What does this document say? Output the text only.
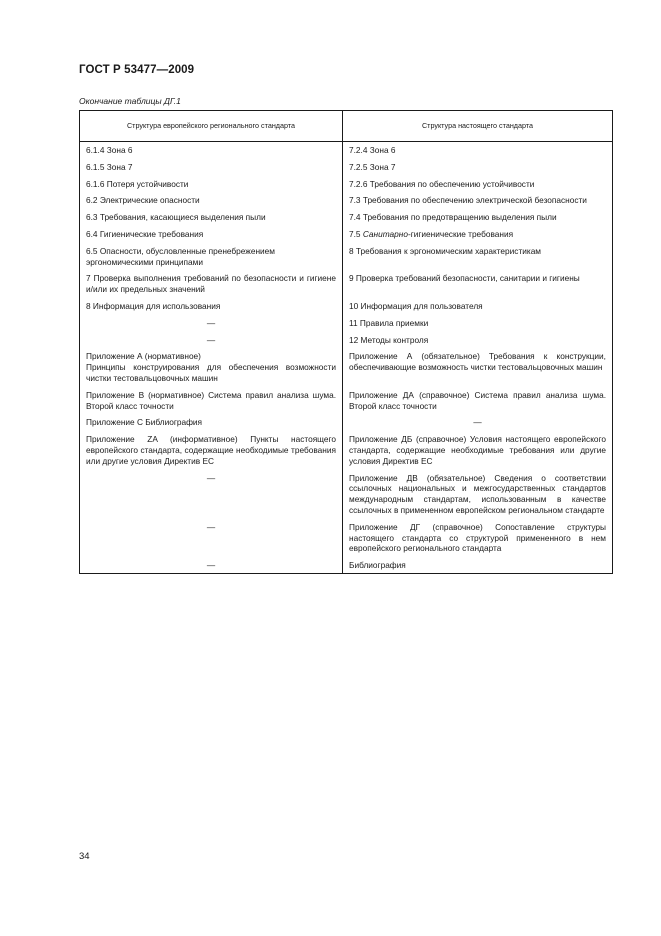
ГОСТ Р 53477—2009
Окончание таблицы ДГ.1
Структура европейского регионального стандарта	Структура настоящего стандарта
6.1.4 Зона 6	7.2.4 Зона 6
6.1.5 Зона 7	7.2.5 Зона 7
6.1.6 Потеря устойчивости	7.2.6 Требования по обеспечению устойчивости
6.2 Электрические опасности	7.3 Требования по обеспечению электрической безопасности
6.3 Требования, касающиеся выделения пыли	7.4 Требования по предотвращению выделения пыли
6.4 Гигиенические требования	7.5 Санитарно-гигиенические требования
6.5 Опасности, обусловленные пренебрежением эргономическими принципами	8 Требования к эргономическим характеристикам
7 Проверка выполнения требований по безопасности и гигиене и/или их предельных значений	9 Проверка требований безопасности, санитарии и гигиены
8 Информация для использования	10 Информация для пользователя
—	11 Правила приемки
—	12 Методы контроля

Приложение А (нормативное)
Принципы конструирования для обеспечения возможности чистки тестовальцовочных машин	Приложение А (обязательное) Требования к конструкции, обеспечивающие возможность чистки тестовальцовочных машин
Приложение В (нормативное) Система правил анализа шума. Второй класс точности	Приложение ДА (справочное) Система правил анализа шума. Второй класс точности
Приложение С Библиография	—
Приложение ZA (информативное) Пункты настоящего европейского стандарта, содержащие необходимые требования или другие условия Директив ЕС	Приложение ДБ (справочное) Условия настоящего европейского стандарта, содержащие необходимые требования или другие условия Директив ЕС
—	Приложение ДВ (обязательное) Сведения о соответствии ссылочных национальных и межгосударственных стандартов международным стандартам, использованным в качестве ссылочных в примененном европейском региональном стандарте
—	Приложение ДГ (справочное) Сопоставление структуры настоящего стандарта со структурой примененного в нем европейского регионального стандарта
—	Библиография
34
